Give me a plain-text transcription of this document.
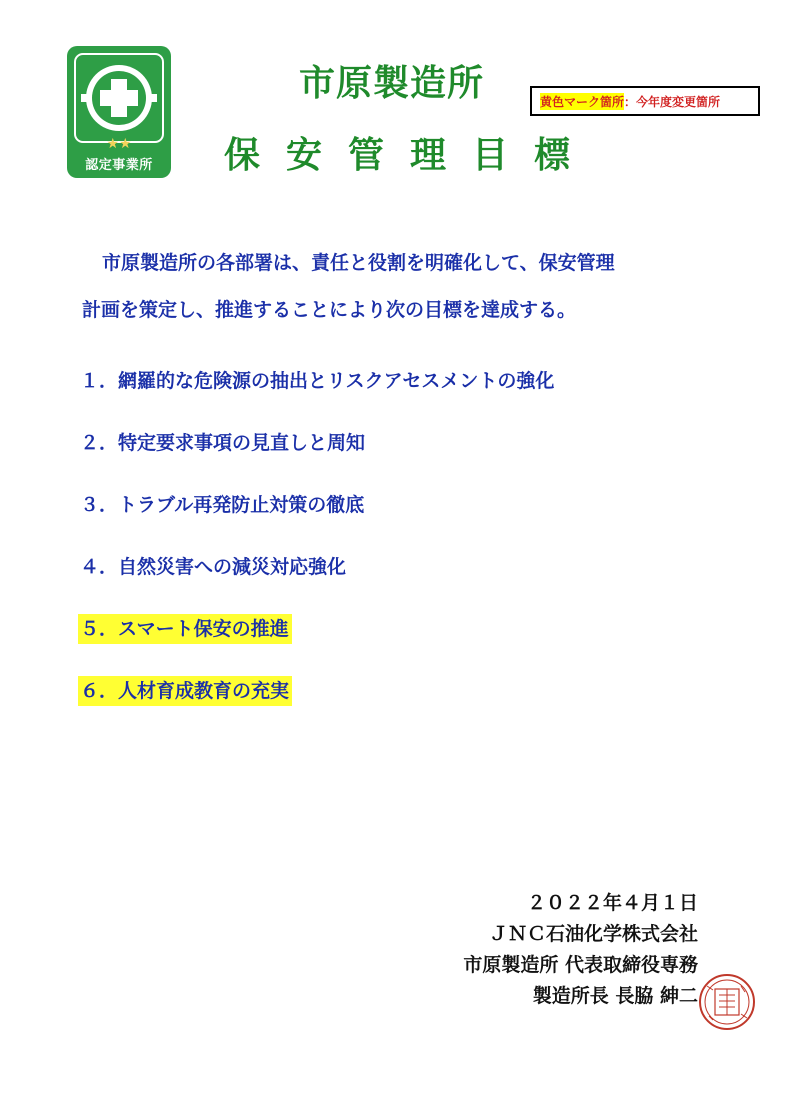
★★
認定事業所
市原製造所
保安管理目標
黄色マーク箇所 ：今年度変更箇所
市原製造所の各部署は、責任と役割を明確化して、保安管理
計画を策定し、推進することにより次の目標を達成する。
１．網羅的な危険源の抽出とリスクアセスメントの強化
２．特定要求事項の見直しと周知
３．トラブル再発防止対策の徹底
４．自然災害への減災対応強化
５．スマート保安の推進
６．人材育成教育の充実
２０２２年４月１日
ＪＮＣ石油化学株式会社
市原製造所 代表取締役専務
製造所長 長脇 紳二
